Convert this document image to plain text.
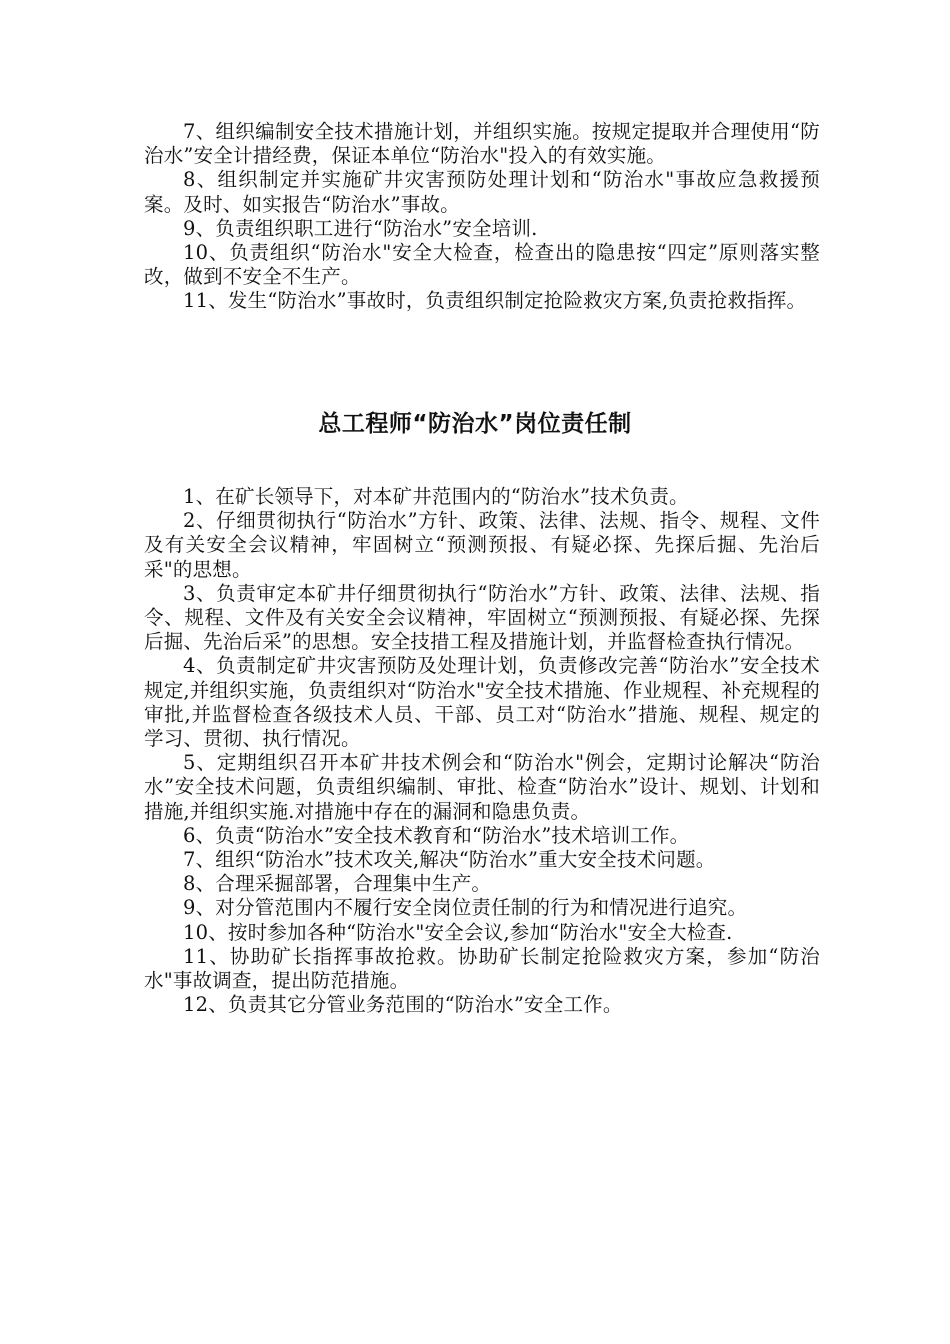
7、组织编制安全技术措施计划，并组织实施。按规定提取并合理使用“防治水”安全计措经费，保证本单位“防治水"投入的有效实施。

8、组织制定并实施矿井灾害预防处理计划和“防治水"事故应急救援预案。及时、如实报告“防治水”事故。

9、负责组织职工进行“防治水”安全培训.

10、负责组织“防治水"安全大检查，检查出的隐患按“四定”原则落实整改，做到不安全不生产。

11、发生“防治水”事故时，负责组织制定抢险救灾方案,负责抢救指挥。

总工程师“防治水”岗位责任制

1、在矿长领导下，对本矿井范围内的“防治水”技术负责。

2、仔细贯彻执行“防治水”方针、政策、法律、法规、指令、规程、文件及有关安全会议精神，牢固树立“预测预报、有疑必探、先探后掘、先治后采"的思想。

3、负责审定本矿井仔细贯彻执行“防治水”方针、政策、法律、法规、指令、规程、文件及有关安全会议精神，牢固树立“预测预报、有疑必探、先探后掘、先治后采”的思想。安全技措工程及措施计划，并监督检查执行情况。

4、负责制定矿井灾害预防及处理计划，负责修改完善“防治水”安全技术规定,并组织实施，负责组织对“防治水"安全技术措施、作业规程、补充规程的审批,并监督检查各级技术人员、干部、员工对“防治水”措施、规程、规定的学习、贯彻、执行情况。

5、定期组织召开本矿井技术例会和“防治水"例会，定期讨论解决“防治水”安全技术问题，负责组织编制、审批、检查“防治水”设计、规划、计划和措施,并组织实施.对措施中存在的漏洞和隐患负责。

6、负责“防治水”安全技术教育和“防治水”技术培训工作。

7、组织“防治水”技术攻关,解决“防治水”重大安全技术问题。

8、合理采掘部署，合理集中生产。

9、对分管范围内不履行安全岗位责任制的行为和情况进行追究。

10、按时参加各种“防治水"安全会议,参加“防治水"安全大检查.

11、协助矿长指挥事故抢救。协助矿长制定抢险救灾方案，参加“防治水"事故调查，提出防范措施。

12、负责其它分管业务范围的“防治水”安全工作。
